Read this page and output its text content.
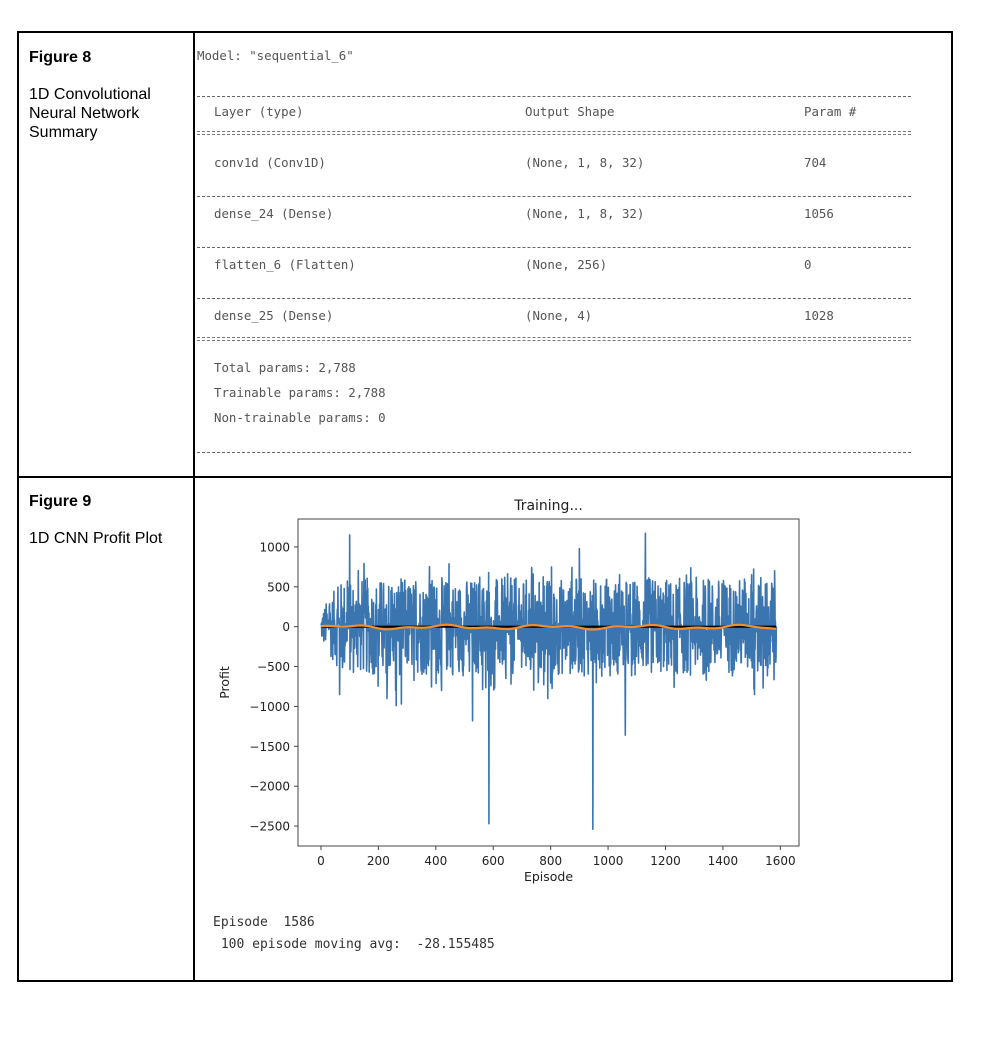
Figure 8
1D Convolutional Neural Network Summary
Figure 9
1D CNN Profit Plot
Model: "sequential_6"
Layer (type)	Output Shape	Param #
conv1d (Conv1D)	(None, 1, 8, 32)	704
dense_24 (Dense)	(None, 1, 8, 32)	1056
flatten_6 (Flatten)	(None, 256)	0
dense_25 (Dense)	(None, 4)	1028
Total params: 2,788
Trainable params: 2,788
Non-trainable params: 0
Training...
1000
500
0
−500
−1000
−1500
−2000
−2500
0	200	400	600	800	1000 1200 1400 1600
Episode
Profit
Episode  1586
100 episode moving avg:  -28.155485
